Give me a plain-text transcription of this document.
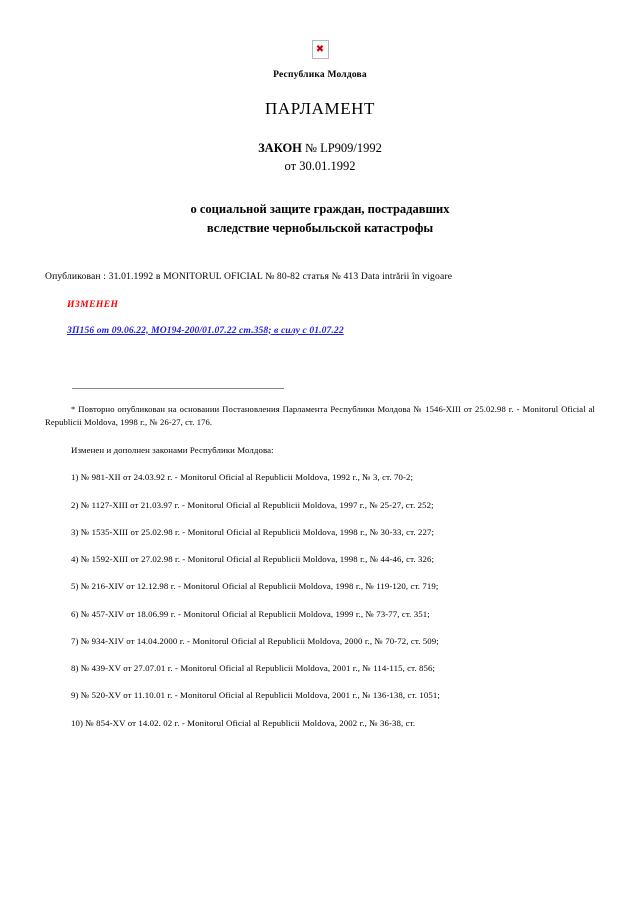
✖
Республика Молдова
ПАРЛАМЕНТ
ЗАКОН № LP909/1992
от 30.01.1992
о социальной защите граждан, пострадавших
вследствие чернобыльской катастрофы
Опубликован : 31.01.1992 в MONITORUL OFICIAL № 80-82 статья № 413 Data intrării în vigoare
ИЗМЕНЕН
ЗП156 от 09.06.22, МО194-200/01.07.22 ст.358; в силу с 01.07.22
* Повторно опубликован на основании Постановления Парламента Республики Молдова № 1546-XIII от 25.02.98 г. - Monitorul Oficial al Republicii Moldova, 1998 г., № 26-27, ст. 176.
Изменен и дополнен законами Республики Молдова:
1) № 981-XII от 24.03.92 г. - Monitorul Oficial al Republicii Moldova, 1992 г., № 3, ст. 70-2;
2) № 1127-XIII от 21.03.97 г. - Monitorul Oficial al Republicii Moldova, 1997 г., № 25-27, ст. 252;
3) № 1535-XIII от 25.02.98 г. - Monitorul Oficial al Republicii Moldova, 1998 г., № 30-33, ст. 227;
4) № 1592-XIII от 27.02.98 г. - Monitorul Oficial al Republicii Moldova, 1998 г., № 44-46, ст. 326;
5) № 216-XIV от 12.12.98 г. - Monitorul Oficial al Republicii Moldova, 1998 г., № 119-120, ст. 719;
6) № 457-XIV от 18.06.99 г. - Monitorul Oficial al Republicii Moldova, 1999 г., № 73-77, ст. 351;
7) № 934-XIV от 14.04.2000 г. - Monitorul Oficial al Republicii Moldova, 2000 г., № 70-72, ст. 509;
8) № 439-XV от 27.07.01 г. - Monitorul Oficial al Republicii Moldova, 2001 г., № 114-115, ст. 856;
9) № 520-XV от 11.10.01 г. - Monitorul Oficial al Republicii Moldova, 2001 г., № 136-138, ст. 1051;
10) № 854-XV от 14.02. 02 г. - Monitorul Oficial al Republicii Moldova, 2002 г., № 36-38, ст.
